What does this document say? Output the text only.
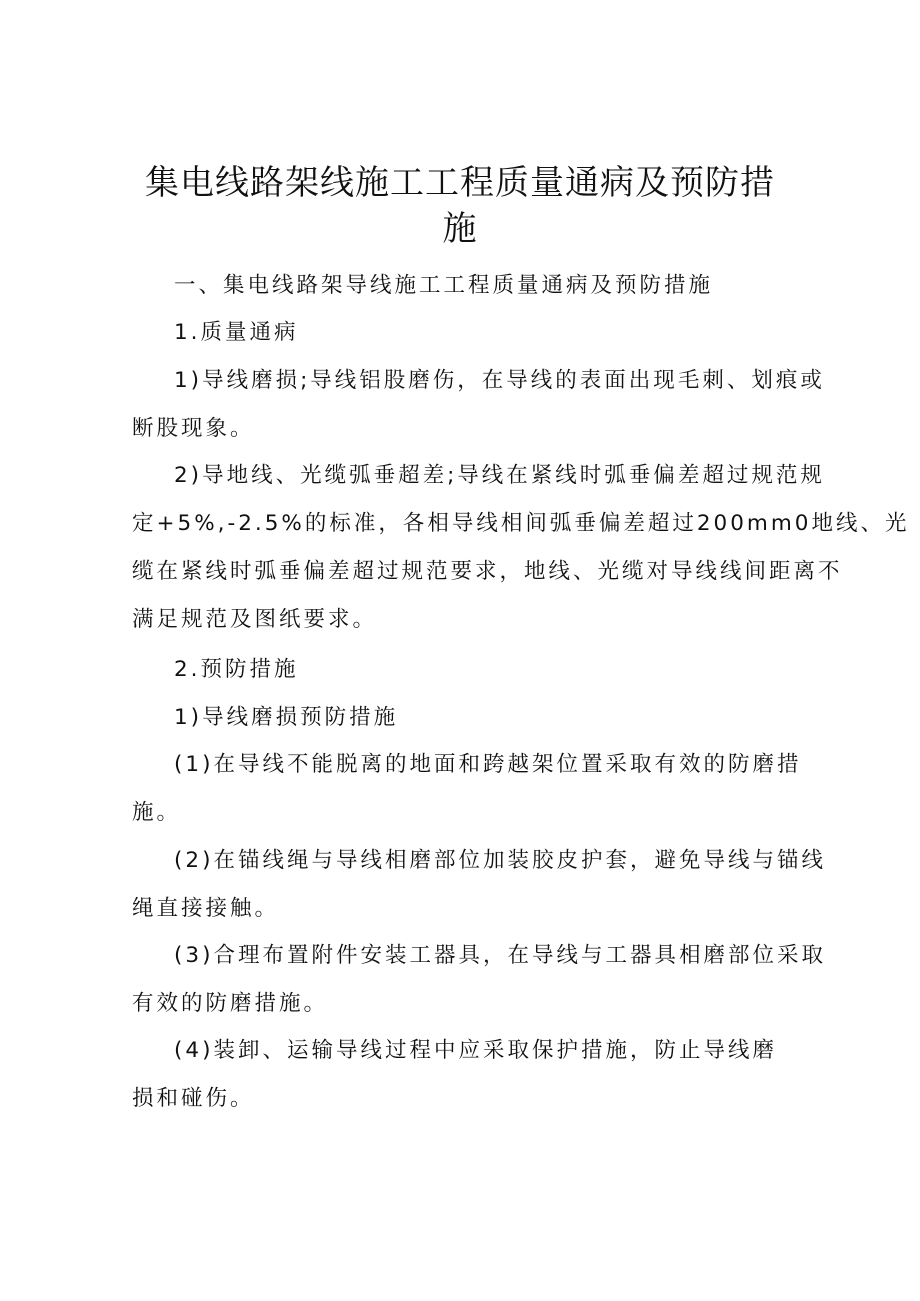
集电线路架线施工工程质量通病及预防措
施

一、集电线路架导线施工工程质量通病及预防措施

1.质量通病

1)导线磨损;导线铝股磨伤，在导线的表面出现毛刺、划痕或
断股现象。

2)导地线、光缆弧垂超差;导线在紧线时弧垂偏差超过规范规
定+5%,-2.5%的标准，各相导线相间弧垂偏差超过200mm0地线、光
缆在紧线时弧垂偏差超过规范要求，地线、光缆对导线线间距离不
满足规范及图纸要求。

2.预防措施

1)导线磨损预防措施

(1)在导线不能脱离的地面和跨越架位置采取有效的防磨措
施。

(2)在锚线绳与导线相磨部位加装胶皮护套，避免导线与锚线
绳直接接触。

(3)合理布置附件安装工器具，在导线与工器具相磨部位采取
有效的防磨措施。

(4)装卸、运输导线过程中应采取保护措施，防止导线磨
损和碰伤。
